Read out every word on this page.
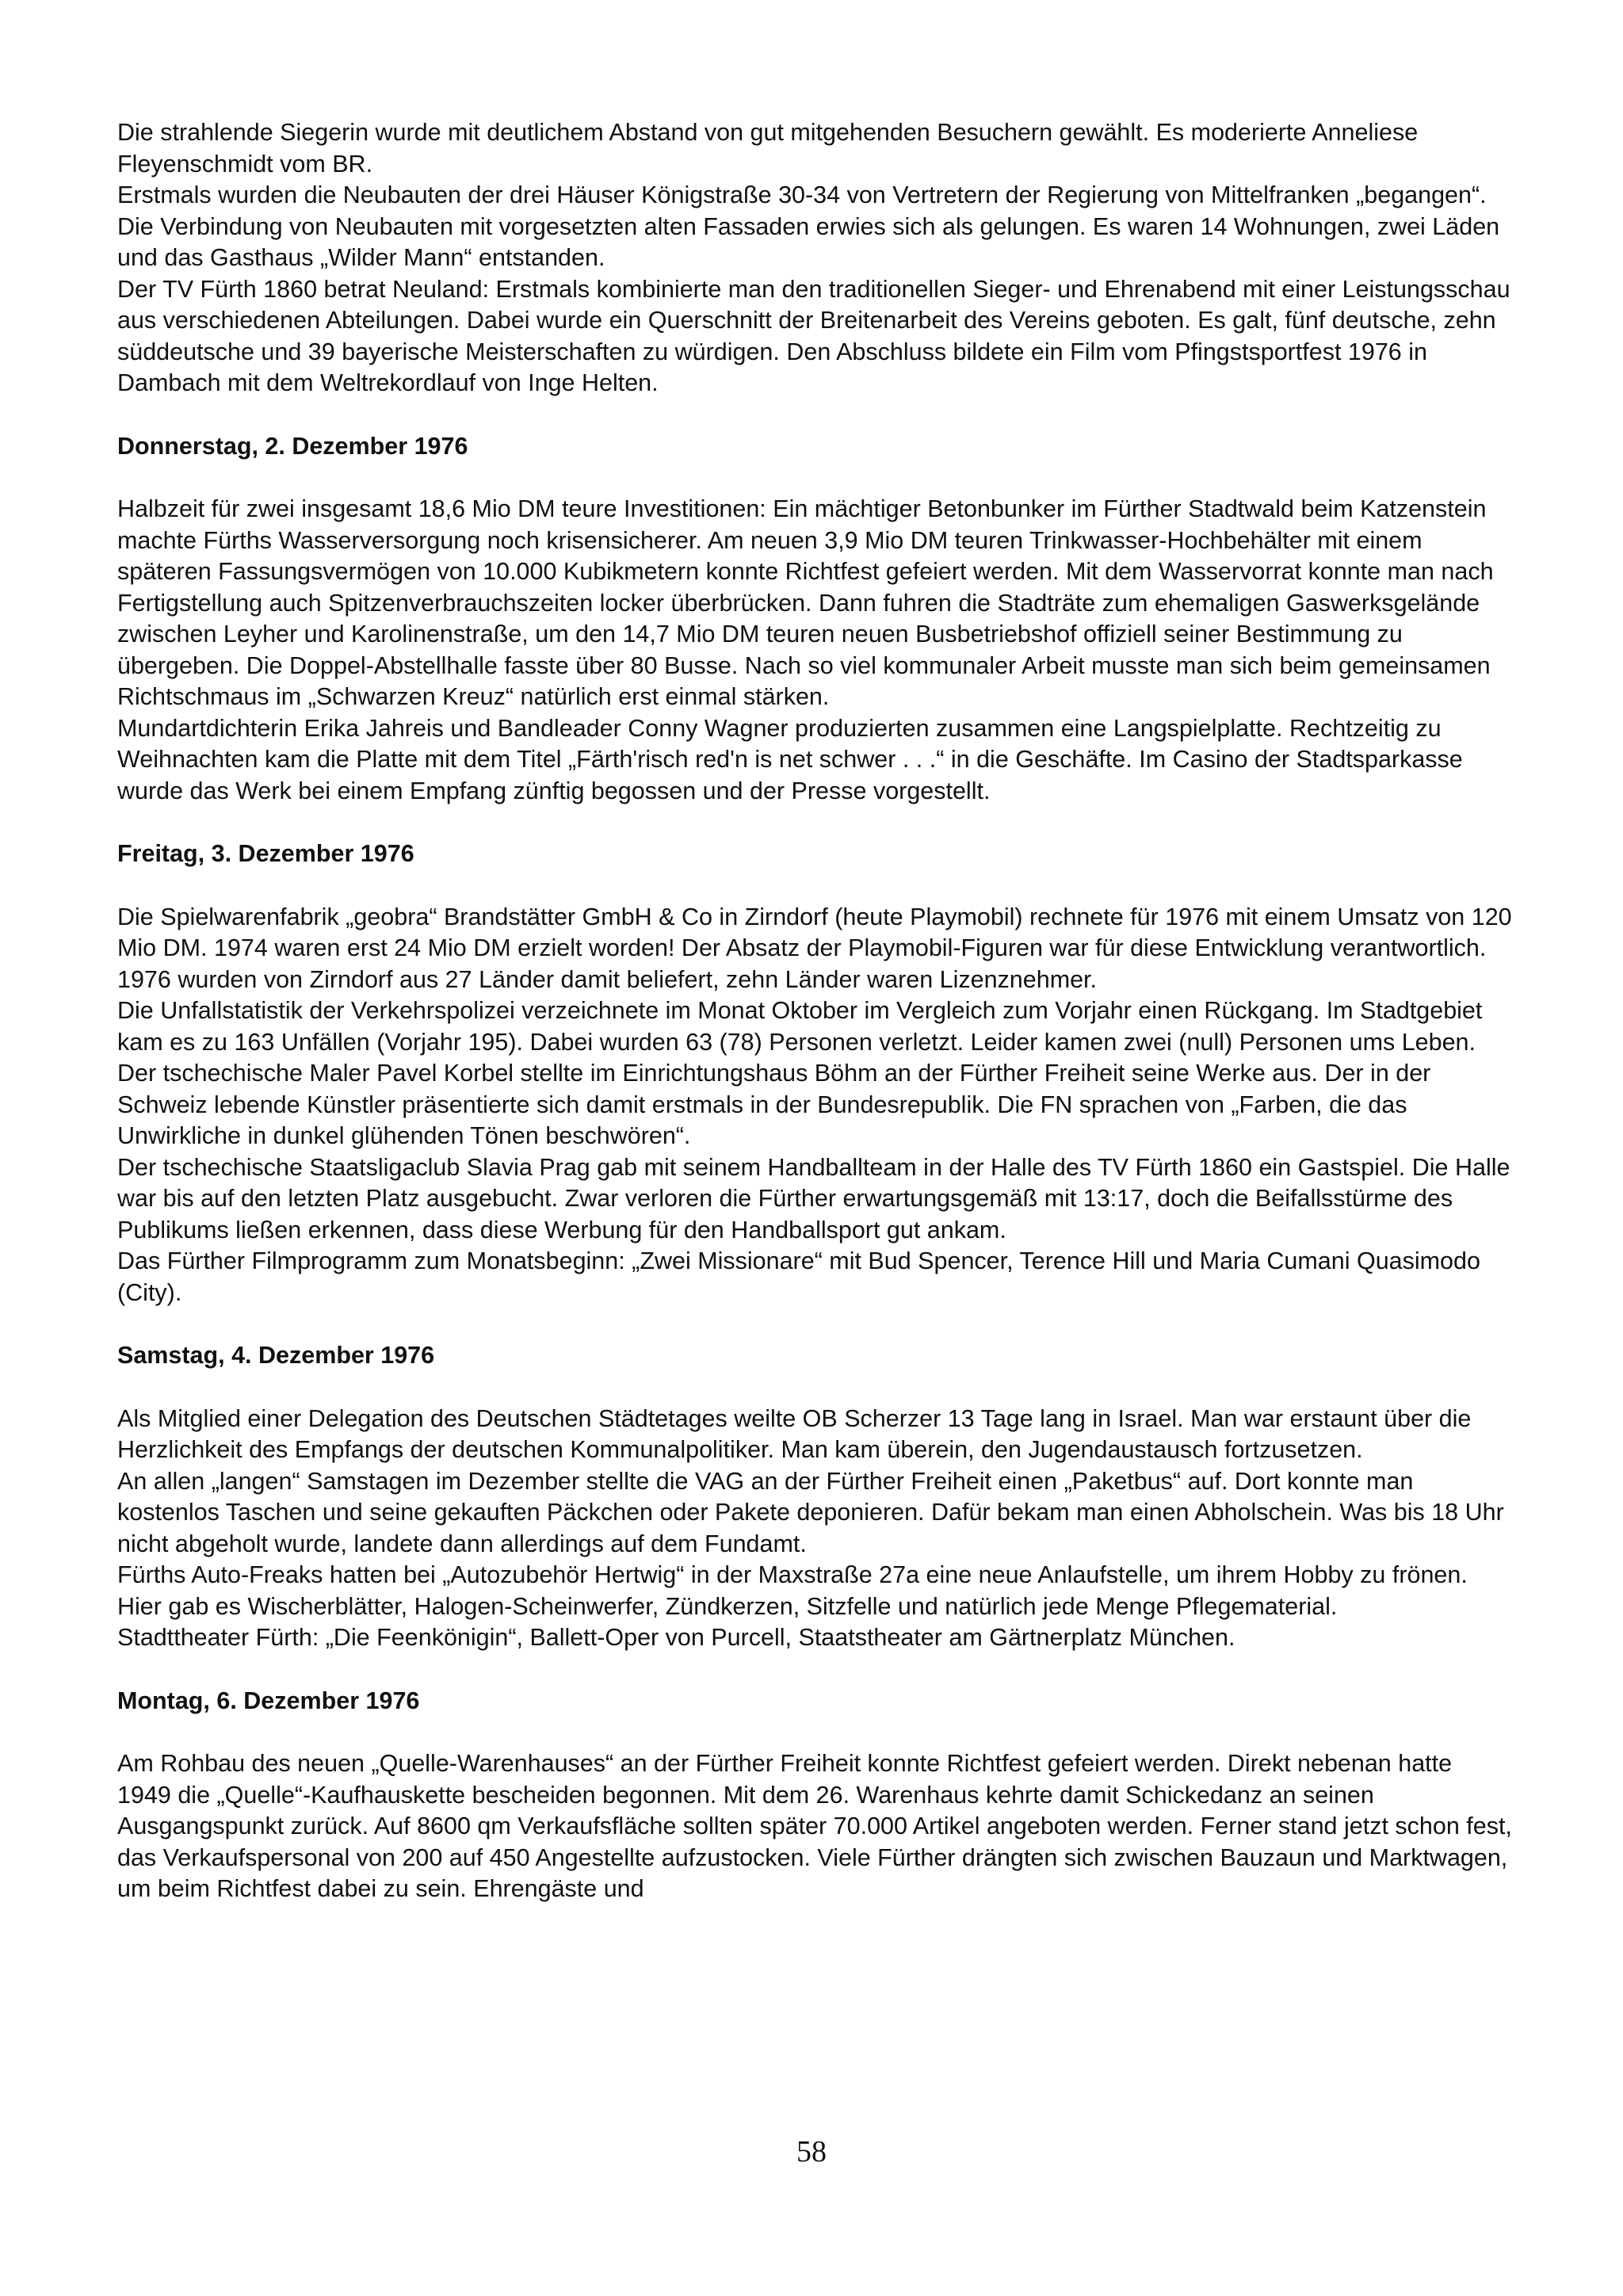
Die strahlende Siegerin wurde mit deutlichem Abstand von gut mitgehenden Besuchern gewählt. Es moderierte Anneliese Fleyenschmidt vom BR.
Erstmals wurden die Neubauten der drei Häuser Königstraße 30-34 von Vertretern der Regierung von Mittelfranken „begangen“. Die Verbindung von Neubauten mit vorgesetzten alten Fassaden erwies sich als gelungen. Es waren 14 Wohnungen, zwei Läden und das Gasthaus „Wilder Mann“ entstanden.
Der TV Fürth 1860 betrat Neuland: Erstmals kombinierte man den traditionellen Sieger- und Ehrenabend mit einer Leistungsschau aus verschiedenen Abteilungen. Dabei wurde ein Querschnitt der Breitenarbeit des Vereins geboten. Es galt, fünf deutsche, zehn süddeutsche und 39 bayerische Meisterschaften zu würdigen. Den Abschluss bildete ein Film vom Pfingstsportfest 1976 in Dambach mit dem Weltrekordlauf von Inge Helten.
Donnerstag, 2. Dezember 1976
Halbzeit für zwei insgesamt 18,6 Mio DM teure Investitionen: Ein mächtiger Betonbunker im Fürther Stadtwald beim Katzenstein machte Fürths Wasserversorgung noch krisensicherer. Am neuen 3,9 Mio DM teuren Trinkwasser-Hochbehälter mit einem späteren Fassungsvermögen von 10.000 Kubikmetern konnte Richtfest gefeiert werden. Mit dem Wasservorrat konnte man nach Fertigstellung auch Spitzenverbrauchszeiten locker überbrücken. Dann fuhren die Stadträte zum ehemaligen Gaswerksgelände zwischen Leyher und Karolinenstraße, um den 14,7 Mio DM teuren neuen Busbetriebshof offiziell seiner Bestimmung zu übergeben. Die Doppel-Abstellhalle fasste über 80 Busse. Nach so viel kommunaler Arbeit musste man sich beim gemeinsamen Richtschmaus im „Schwarzen Kreuz“ natürlich erst einmal stärken.
Mundartdichterin Erika Jahreis und Bandleader Conny Wagner produzierten zusammen eine Langspielplatte. Rechtzeitig zu Weihnachten kam die Platte mit dem Titel „Färth'risch red'n is net schwer . . .“ in die Geschäfte. Im Casino der Stadtsparkasse wurde das Werk bei einem Empfang zünftig begossen und der Presse vorgestellt.
Freitag, 3. Dezember 1976
Die Spielwarenfabrik „geobra“ Brandstätter GmbH & Co in Zirndorf (heute Playmobil) rechnete für 1976 mit einem Umsatz von 120 Mio DM. 1974 waren erst 24 Mio DM erzielt worden! Der Absatz der Playmobil-Figuren war für diese Entwicklung verantwortlich. 1976 wurden von Zirndorf aus 27 Länder damit beliefert, zehn Länder waren Lizenznehmer.
Die Unfallstatistik der Verkehrspolizei verzeichnete im Monat Oktober im Vergleich zum Vorjahr einen Rückgang. Im Stadtgebiet kam es zu 163 Unfällen (Vorjahr 195). Dabei wurden 63 (78) Personen verletzt. Leider kamen zwei (null) Personen ums Leben.
Der tschechische Maler Pavel Korbel stellte im Einrichtungshaus Böhm an der Fürther Freiheit seine Werke aus. Der in der Schweiz lebende Künstler präsentierte sich damit erstmals in der Bundesrepublik. Die FN sprachen von „Farben, die das Unwirkliche in dunkel glühenden Tönen beschwören“.
Der tschechische Staatsligaclub Slavia Prag gab mit seinem Handballteam in der Halle des TV Fürth 1860 ein Gastspiel. Die Halle war bis auf den letzten Platz ausgebucht. Zwar verloren die Fürther erwartungsgemäß mit 13:17, doch die Beifallsstürme des Publikums ließen erkennen, dass diese Werbung für den Handballsport gut ankam.
Das Fürther Filmprogramm zum Monatsbeginn: „Zwei Missionare“ mit Bud Spencer, Terence Hill und Maria Cumani Quasimodo (City).
Samstag, 4. Dezember 1976
Als Mitglied einer Delegation des Deutschen Städtetages weilte OB Scherzer 13 Tage lang in Israel. Man war erstaunt über die Herzlichkeit des Empfangs der deutschen Kommunalpolitiker. Man kam überein, den Jugendaustausch fortzusetzen.
An allen „langen“ Samstagen im Dezember stellte die VAG an der Fürther Freiheit einen „Paketbus“ auf. Dort konnte man kostenlos Taschen und seine gekauften Päckchen oder Pakete deponieren. Dafür bekam man einen Abholschein. Was bis 18 Uhr nicht abgeholt wurde, landete dann allerdings auf dem Fundamt.
Fürths Auto-Freaks hatten bei „Autozubehör Hertwig“ in der Maxstraße 27a eine neue Anlaufstelle, um ihrem Hobby zu frönen. Hier gab es Wischerblätter, Halogen-Scheinwerfer, Zündkerzen, Sitzfelle und natürlich jede Menge Pflegematerial.
Stadttheater Fürth: „Die Feenkönigin“, Ballett-Oper von Purcell, Staatstheater am Gärtnerplatz München.
Montag, 6. Dezember 1976
Am Rohbau des neuen „Quelle-Warenhauses“ an der Fürther Freiheit konnte Richtfest gefeiert werden. Direkt nebenan hatte 1949 die „Quelle“-Kaufhauskette bescheiden begonnen. Mit dem 26. Warenhaus kehrte damit Schickedanz an seinen Ausgangspunkt zurück. Auf 8600 qm Verkaufsfläche sollten später 70.000 Artikel angeboten werden. Ferner stand jetzt schon fest, das Verkaufspersonal von 200 auf 450 Angestellte aufzustocken. Viele Fürther drängten sich zwischen Bauzaun und Marktwagen, um beim Richtfest dabei zu sein. Ehrengäste und
58
